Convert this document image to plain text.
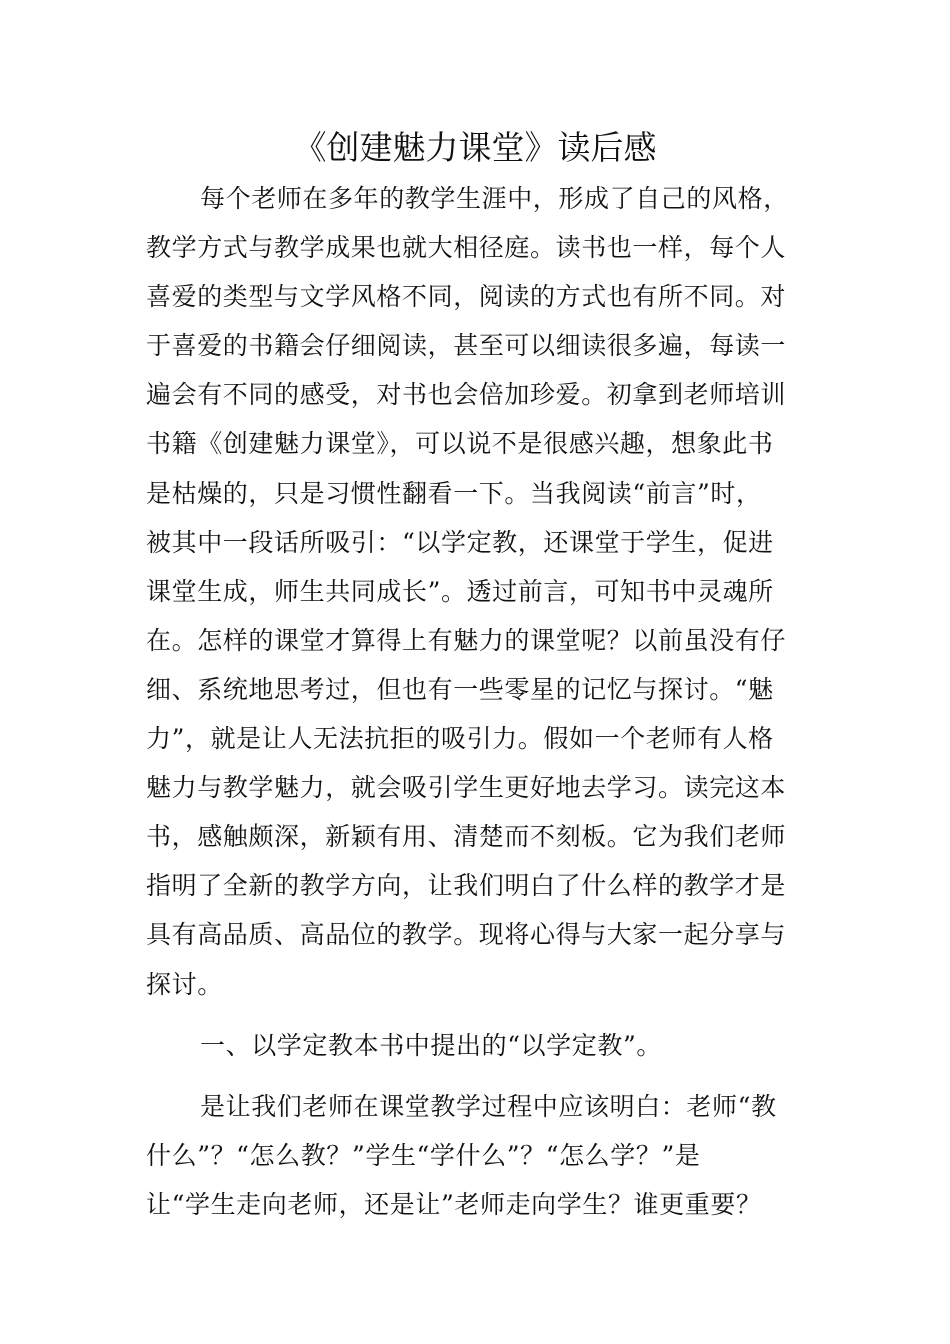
《创建魅力课堂》读后感
每个老师在多年的教学生涯中，形成了自己的风格，
教学方式与教学成果也就大相径庭。读书也一样，每个人
喜爱的类型与文学风格不同，阅读的方式也有所不同。对
于喜爱的书籍会仔细阅读，甚至可以细读很多遍，每读一
遍会有不同的感受，对书也会倍加珍爱。初拿到老师培训
书籍《创建魅力课堂》，可以说不是很感兴趣，想象此书
是枯燥的，只是习惯性翻看一下。当我阅读“前言”时，
被其中一段话所吸引：“以学定教，还课堂于学生，促进
课堂生成，师生共同成长”。透过前言，可知书中灵魂所
在。怎样的课堂才算得上有魅力的课堂呢？以前虽没有仔
细、系统地思考过，但也有一些零星的记忆与探讨。“魅
力”，就是让人无法抗拒的吸引力。假如一个老师有人格
魅力与教学魅力，就会吸引学生更好地去学习。读完这本
书，感触颇深，新颖有用、清楚而不刻板。它为我们老师
指明了全新的教学方向，让我们明白了什么样的教学才是
具有高品质、高品位的教学。现将心得与大家一起分享与
探讨。
一、以学定教本书中提出的“以学定教”。
是让我们老师在课堂教学过程中应该明白：老师“教
什么”？“怎么教？”学生“学什么”？“怎么学？”是
让“学生走向老师，还是让”老师走向学生？谁更重要？
